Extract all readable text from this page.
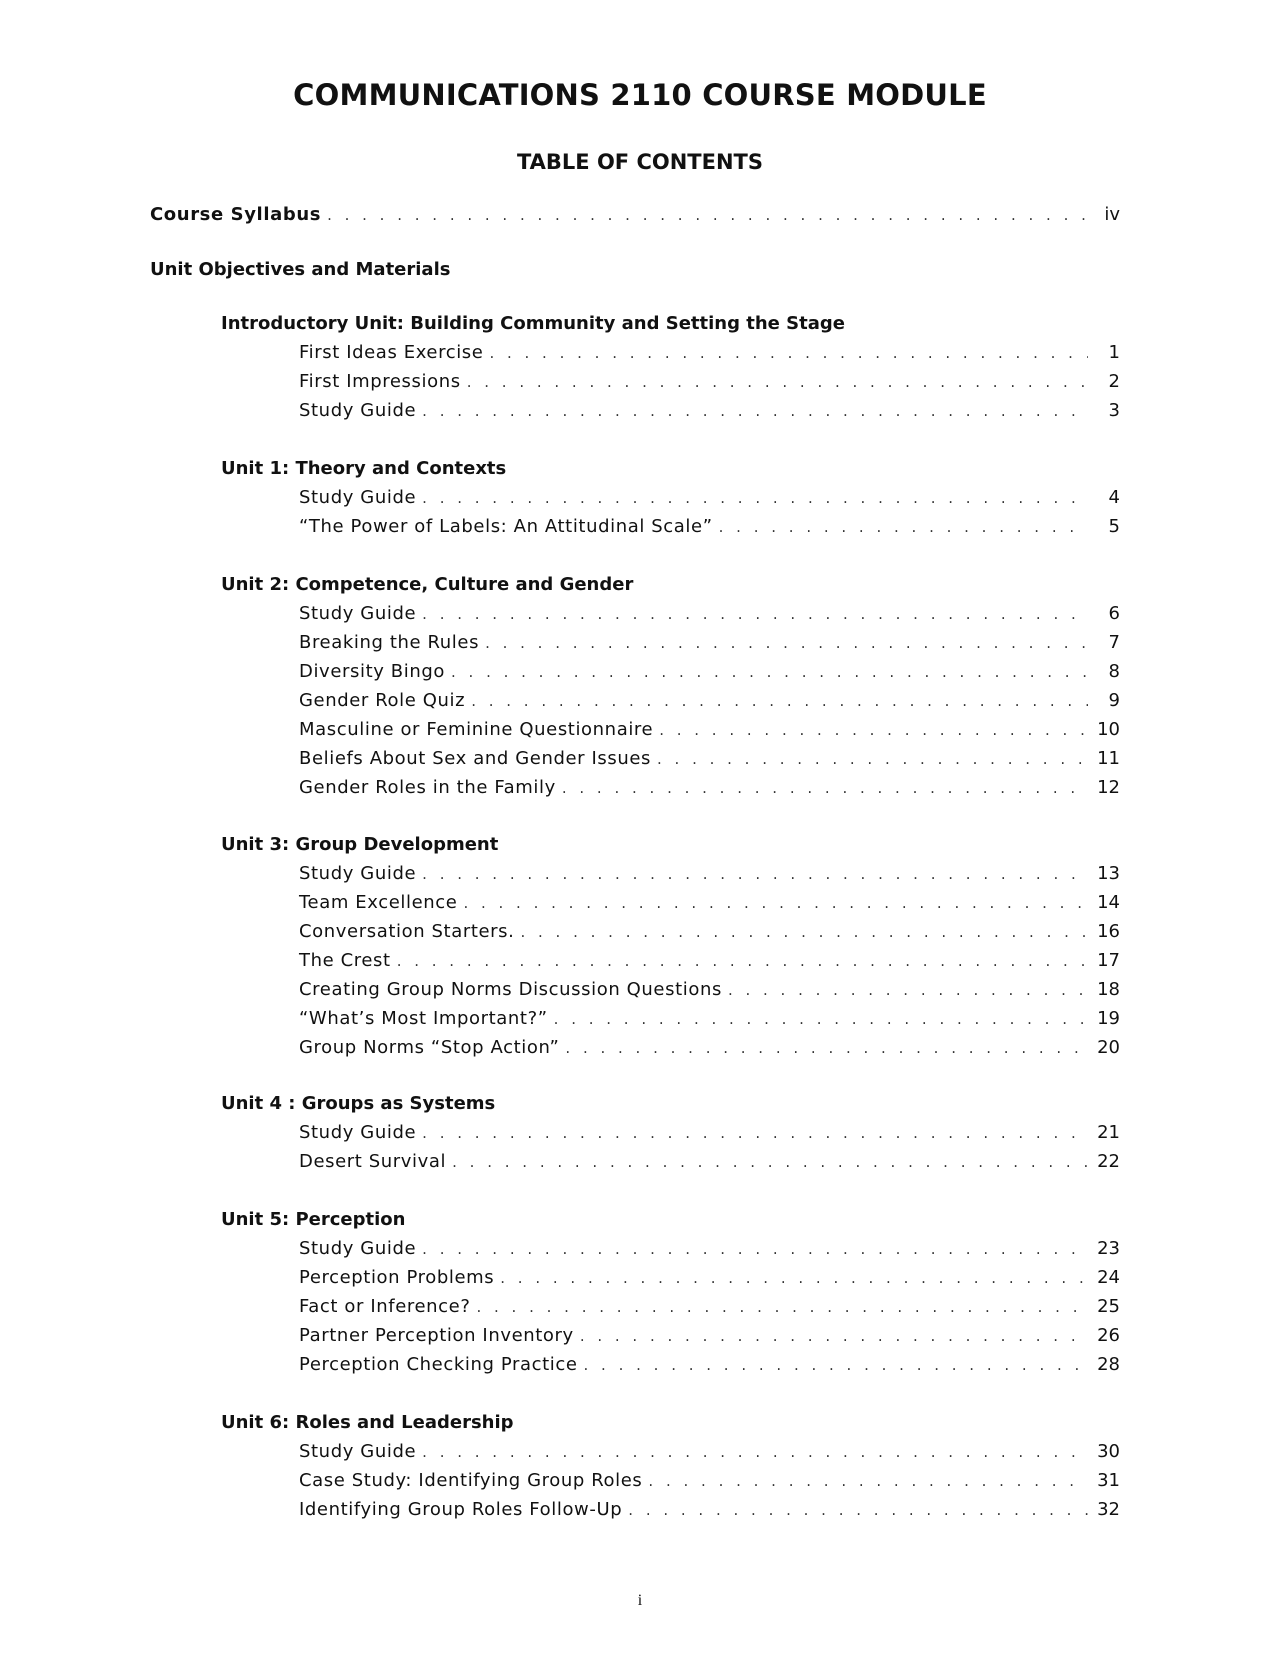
COMMUNICATIONS 2110 COURSE MODULE
TABLE OF CONTENTS
Course Syllabus . . .	iv
Unit Objectives and Materials
Introductory Unit: Building Community and Setting the Stage
First Ideas Exercise . . .	1
First Impressions . . .	2
Study Guide . . .	3
Unit 1: Theory and Contexts
Study Guide . . .	4
“The Power of Labels: An Attitudinal Scale” . . .	5
Unit 2: Competence, Culture and Gender
Study Guide . . .	6
Breaking the Rules . . .	7
Diversity Bingo . . .	8
Gender Role Quiz . . .	9
Masculine or Feminine Questionnaire . . .	10
Beliefs About Sex and Gender Issues . . .	11
Gender Roles in the Family . . .	12
Unit 3: Group Development
Study Guide . . .	13
Team Excellence . . .	14
Conversation Starters. . . .	16
The Crest . . .	17
Creating Group Norms Discussion Questions . . .	18
“What’s Most Important?” . . .	19
Group Norms “Stop Action” . . .	20
Unit 4 : Groups as Systems
Study Guide . . .	21
Desert Survival . . .	22
Unit 5: Perception
Study Guide . . .	23
Perception Problems . . .	24
Fact or Inference? . . .	25
Partner Perception Inventory . . .	26
Perception Checking Practice . . .	28
Unit 6: Roles and Leadership
Study Guide . . .	30
Case Study: Identifying Group Roles . . .	31
Identifying Group Roles Follow-Up . . .	32
i
